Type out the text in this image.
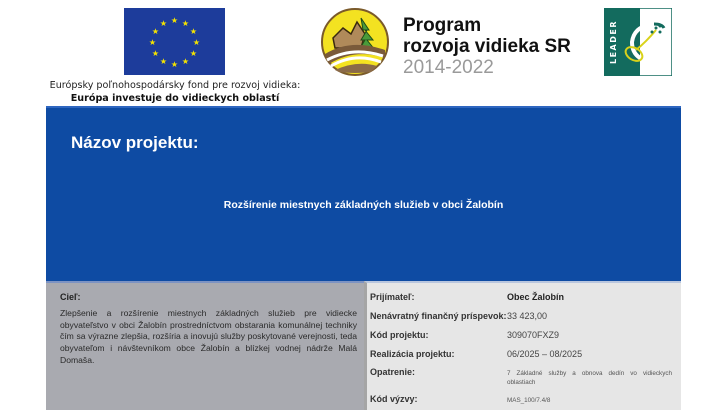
★ ★
★
★
★
★
★
★
★
★
★
★
Európsky poľnohospodársky fond pre rozvoj vidieka:
Európa investuje do vidieckych oblastí
Program
rozvoja vidieka SR
2014-2022
LEADER
Názov projektu:
Rozšírenie miestnych základných služieb v obci Žalobín
Cieľ:
Zlepšenie a rozšírenie miestnych základných služieb pre vidiecke obyvateľstvo v obci Žalobín prostredníctvom obstarania komunálnej techniky čím sa výrazne zlepšia, rozšíria a inovujú služby poskytované verejnosti, teda obyvateľom i návštevníkom obce Žalobín a blízkej vodnej nádrže Malá Domaša.
Prijímateľ:	Obec Žalobín
Nenávratný finančný príspevok: 33 423,00
Kód projektu:	309070FXZ9
Realizácia projektu:	06/2025 – 08/2025
Opatrenie:	7 Základné služby a obnova dedín vo vidieckych oblastiach
Kód výzvy:	MAS_100/7.4/8
